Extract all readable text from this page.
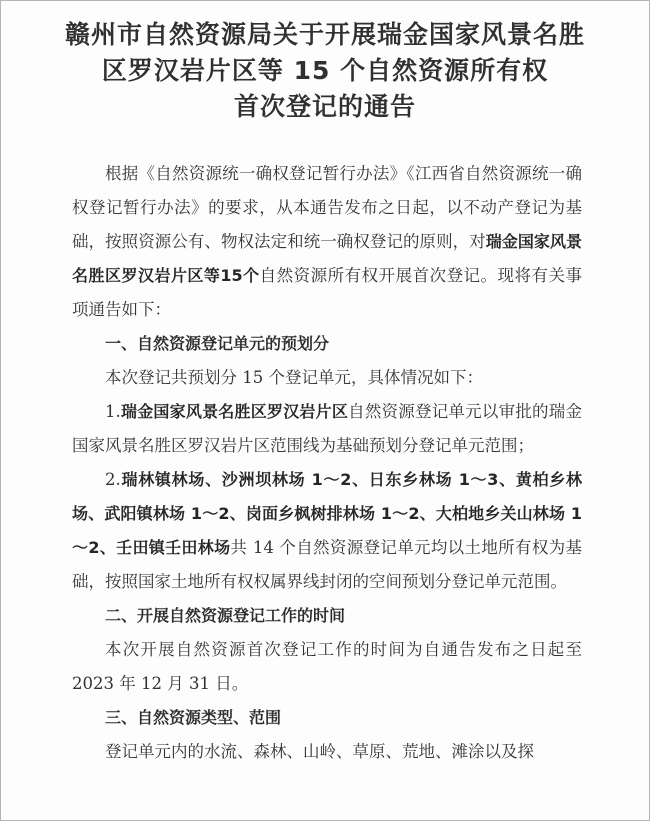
赣州市自然资源局关于开展瑞金国家风景名胜
区罗汉岩片区等 15 个自然资源所有权
首次登记的通告

根据《自然资源统一确权登记暂行办法》《江西省自然资源统一确权登记暂行办法》的要求，从本通告发布之日起，以不动产登记为基础，按照资源公有、物权法定和统一确权登记的原则，对瑞金国家风景名胜区罗汉岩片区等15个自然资源所有权开展首次登记。现将有关事项通告如下：

一、自然资源登记单元的预划分

本次登记共预划分 15 个登记单元，具体情况如下：

1.瑞金国家风景名胜区罗汉岩片区自然资源登记单元以审批的瑞金国家风景名胜区罗汉岩片区范围线为基础预划分登记单元范围；

2.瑞林镇林场、沙洲坝林场 1～2、日东乡林场 1～3、黄柏乡林场、武阳镇林场 1～2、岗面乡枫树排林场 1～2、大柏地乡关山林场 1～2、壬田镇壬田林场共 14 个自然资源登记单元均以土地所有权为基础，按照国家土地所有权权属界线封闭的空间预划分登记单元范围。

二、开展自然资源登记工作的时间

本次开展自然资源首次登记工作的时间为自通告发布之日起至 2023 年 12 月 31 日。

三、自然资源类型、范围

登记单元内的水流、森林、山岭、草原、荒地、滩涂以及探
